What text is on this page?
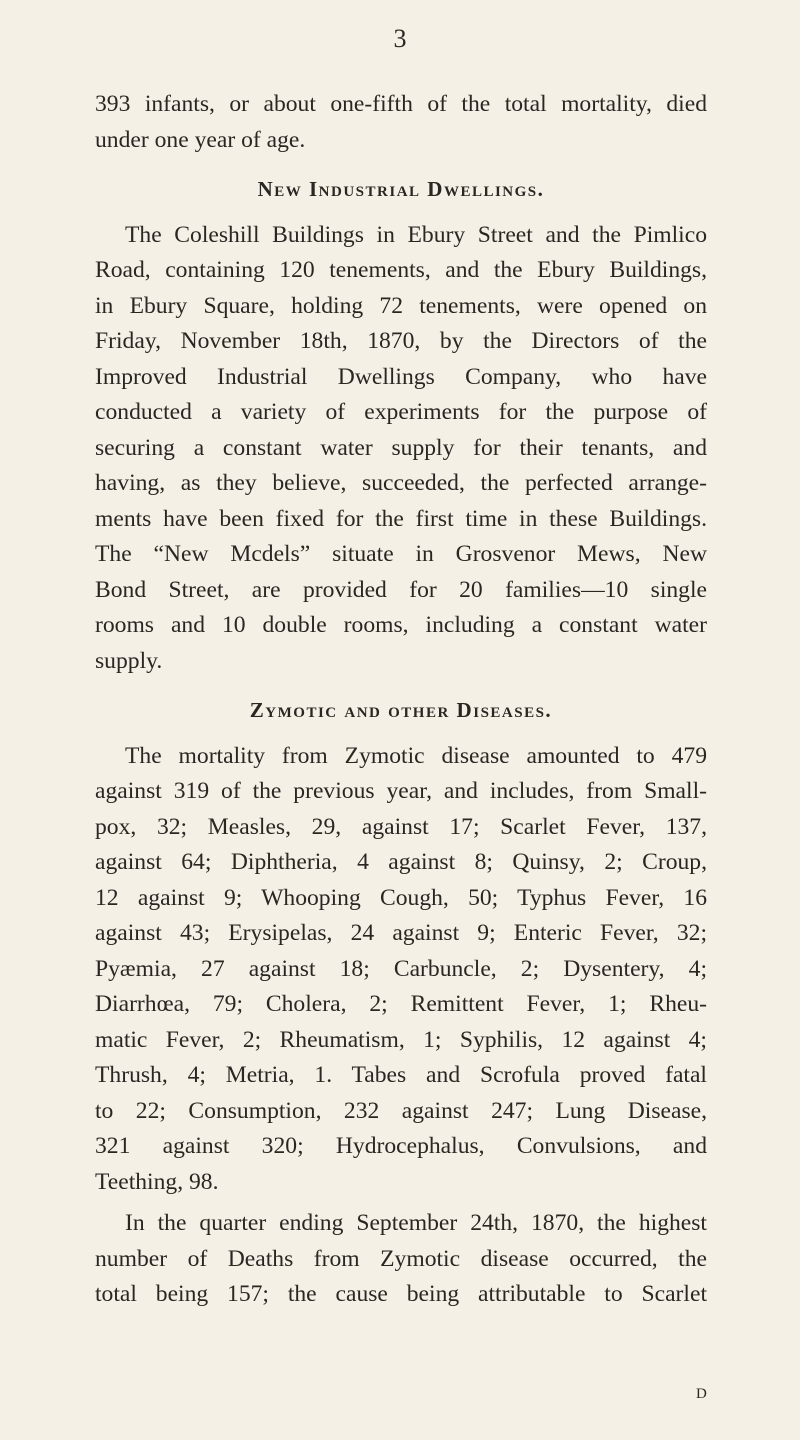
3

393 infants, or about one-fifth of the total mortality, died
under one year of age.

New Industrial Dwellings.

The Coleshill Buildings in Ebury Street and the Pimlico
Road, containing 120 tenements, and the Ebury Buildings,
in Ebury Square, holding 72 tenements, were opened on
Friday, November 18th, 1870, by the Directors of the
Improved Industrial Dwellings Company, who have
conducted a variety of experiments for the purpose of
securing a constant water supply for their tenants, and
having, as they believe, succeeded, the perfected arrange-
ments have been fixed for the first time in these Buildings.
The “New Mcdels” situate in Grosvenor Mews, New
Bond Street, are provided for 20 families—10 single
rooms and 10 double rooms, including a constant water
supply.

Zymotic and other Diseases.

The mortality from Zymotic disease amounted to 479
against 319 of the previous year, and includes, from Small-
pox, 32; Measles, 29, against 17; Scarlet Fever, 137,
against 64; Diphtheria, 4 against 8; Quinsy, 2; Croup,
12 against 9; Whooping Cough, 50; Typhus Fever, 16
against 43; Erysipelas, 24 against 9; Enteric Fever, 32;
Pyæmia, 27 against 18; Carbuncle, 2; Dysentery, 4;
Diarrhœa, 79; Cholera, 2; Remittent Fever, 1; Rheu-
matic Fever, 2; Rheumatism, 1; Syphilis, 12 against 4;
Thrush, 4; Metria, 1. Tabes and Scrofula proved fatal
to 22; Consumption, 232 against 247; Lung Disease,
321 against 320; Hydrocephalus, Convulsions, and
Teething, 98.

In the quarter ending September 24th, 1870, the highest
number of Deaths from Zymotic disease occurred, the
total being 157; the cause being attributable to Scarlet

D
